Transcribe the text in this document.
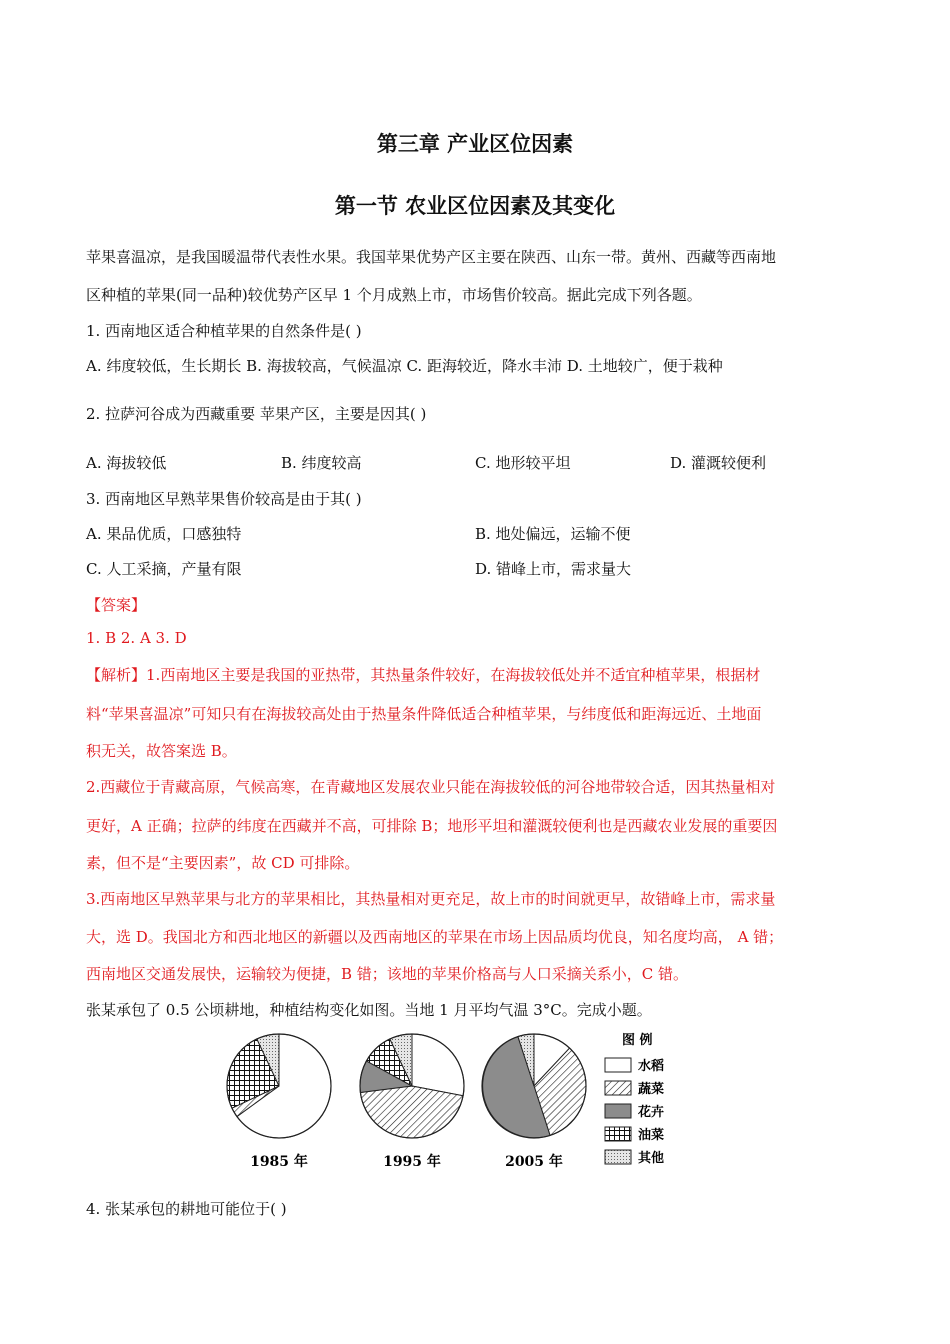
第三章 产业区位因素
第一节 农业区位因素及其变化
苹果喜温凉，是我国暖温带代表性水果。我国苹果优势产区主要在陕西、山东一带。黄州、西藏等西南地
区种植的苹果(同一品种)较优势产区早 1 个月成熟上市，市场售价较高。据此完成下列各题。
1. 西南地区适合种植苹果的自然条件是( )
A. 纬度较低，生长期长 B. 海拔较高，气候温凉 C. 距海较近，降水丰沛 D. 土地较广，便于栽种
2. 拉萨河谷成为西藏重要 苹果产区，主要是因其( )
A. 海拔较低	B. 纬度较高	C. 地形较平坦	D. 灌溉较便利
3. 西南地区早熟苹果售价较高是由于其( )
A. 果品优质，口感独特	B. 地处偏远，运输不便
C. 人工采摘，产量有限	D. 错峰上市，需求量大
【答案】
1. B 2. A 3. D
【解析】1.西南地区主要是我国的亚热带，其热量条件较好，在海拔较低处并不适宜种植苹果，根据材
料“苹果喜温凉”可知只有在海拔较高处由于热量条件降低适合种植苹果，与纬度低和距海远近、土地面
积无关，故答案选 B。
2.西藏位于青藏高原，气候高寒，在青藏地区发展农业只能在海拔较低的河谷地带较合适，因其热量相对
更好，A 正确；拉萨的纬度在西藏并不高，可排除 B；地形平坦和灌溉较便利也是西藏农业发展的重要因
素，但不是“主要因素”，故 CD 可排除。
3.西南地区早熟苹果与北方的苹果相比，其热量相对更充足，故上市的时间就更早，故错峰上市，需求量
大，选 D。我国北方和西北地区的新疆以及西南地区的苹果在市场上因品质均优良，知名度均高， A 错；
西南地区交通发展快，运输较为便捷，B 错；该地的苹果价格高与人口采摘关系小，C 错。
张某承包了 0.5 公顷耕地，种植结构变化如图。当地 1 月平均气温 3°C。完成小题。
1985 年	1995 年	2005 年
图 例
水稻
蔬菜
花卉
油菜
其他
4. 张某承包的耕地可能位于( )
